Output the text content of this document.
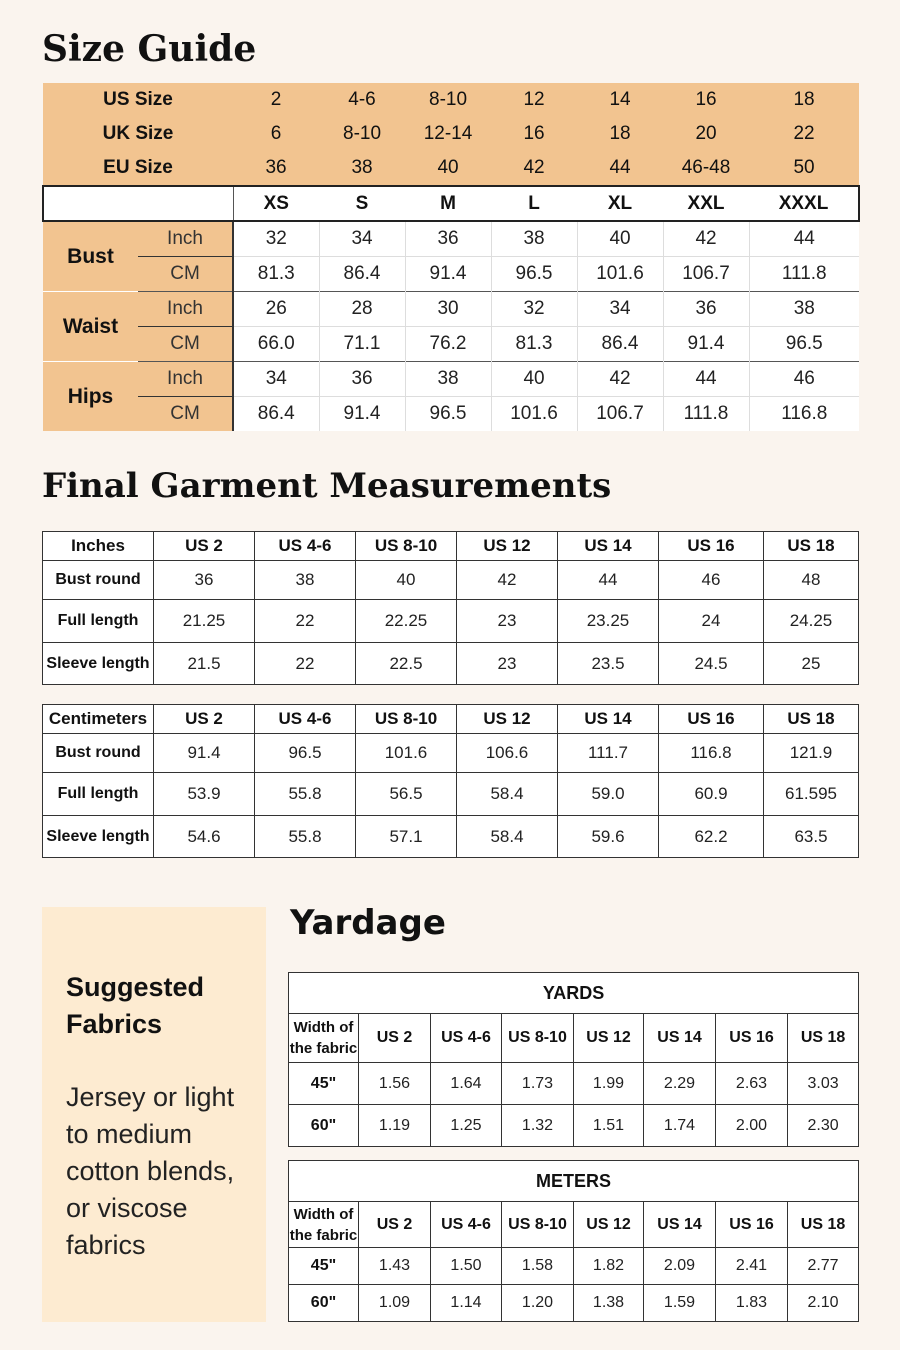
Size Guide
US Size		2	4-6	8-10	12	14	16	18
UK Size		6	8-10	12-14	16	18	20	22
EU Size		36	38	40	42	44	46-48	50
		XS	S	M	L	XL	XXL	XXXL
Bust	Inch	32	34	36	38	40	42	44
	CM	81.3	86.4	91.4	96.5	101.6	106.7	111.8
Waist	Inch	26	28	30	32	34	36	38
	CM	66.0	71.1	76.2	81.3	86.4	91.4	96.5
Hips	Inch	34	36	38	40	42	44	46
	CM	86.4	91.4	96.5	101.6	106.7	111.8	116.8
Final Garment Measurements
Inches	US 2	US 4-6	US 8-10	US 12	US 14	US 16	US 18
Bust round	36	38	40	42	44	46	48
Full length	21.25	22	22.25	23	23.25	24	24.25
Sleeve length	21.5	22	22.5	23	23.5	24.5	25
Centimeters	US 2	US 4-6	US 8-10	US 12	US 14	US 16	US 18
Bust round	91.4	96.5	101.6	106.6	111.7	116.8	121.9
Full length	53.9	55.8	56.5	58.4	59.0	60.9	61.595
Sleeve length	54.6	55.8	57.1	58.4	59.6	62.2	63.5

Suggested Fabrics

Jersey or light to medium cotton blends, or viscose fabrics

Yardage
YARDS							
Width of the fabric	US 2	US 4-6	US 8-10	US 12	US 14	US 16	US 18
45"	1.56	1.64	1.73	1.99	2.29	2.63	3.03
60"	1.19	1.25	1.32	1.51	1.74	2.00	2.30
METERS							
Width of the fabric	US 2	US 4-6	US 8-10	US 12	US 14	US 16	US 18
45"	1.43	1.50	1.58	1.82	2.09	2.41	2.77
60"	1.09	1.14	1.20	1.38	1.59	1.83	2.10
